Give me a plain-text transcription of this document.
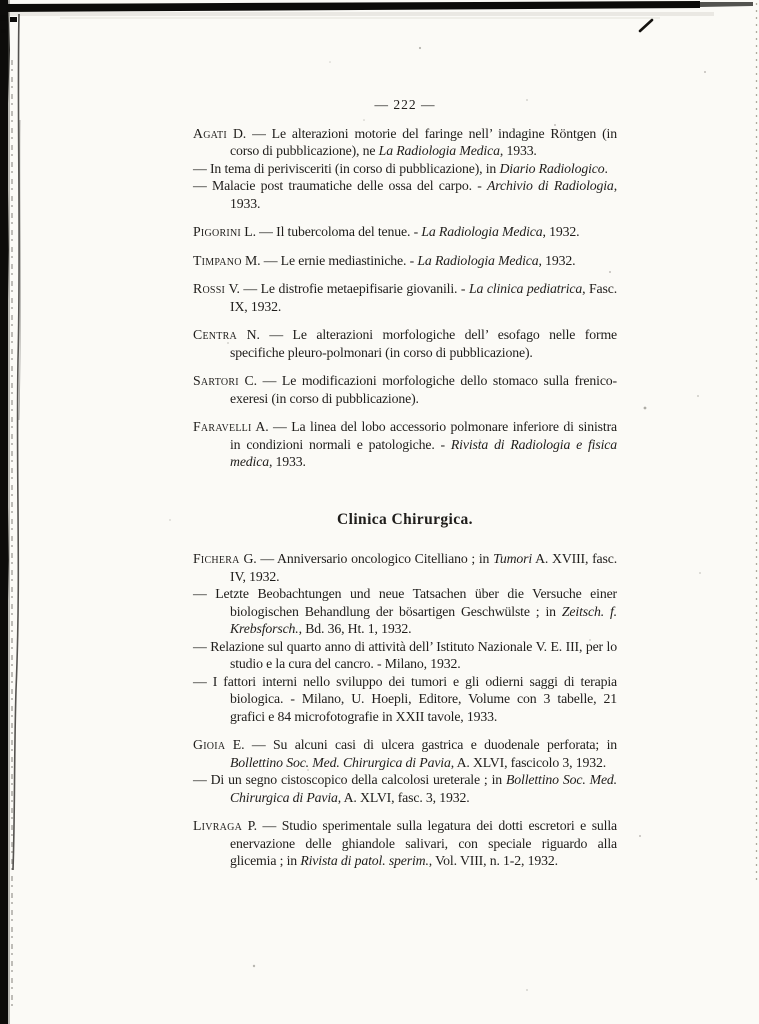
— 222 —

Agati D. — Le alterazioni motorie del faringe nell’ indagine Röntgen (in corso di pubblicazione), ne La Radiologia Medica, 1933.

— In tema di perivisceriti (in corso di pubblicazione), in Diario Radiologico.

— Malacie post traumatiche delle ossa del carpo. - Archivio di Radiologia, 1933.

Pigorini L. — Il tubercoloma del tenue. - La Radiologia Medica, 1932.

Timpano M. — Le ernie mediastiniche. - La Radiologia Medica, 1932.

Rossi V. — Le distrofie metaepifisarie giovanili. - La clinica pediatrica, Fasc. IX, 1932.

Centra N. — Le alterazioni morfologiche dell’ esofago nelle forme specifiche pleuro-polmonari (in corso di pubblicazione).

Sartori C. — Le modificazioni morfologiche dello stomaco sulla frenico-exeresi (in corso di pubblicazione).

Faravelli A. — La linea del lobo accessorio polmonare inferiore di sinistra in condizioni normali e patologiche. - Rivista di Radiologia e fisica medica, 1933.

Clinica Chirurgica.

Fichera G. — Anniversario oncologico Citelliano ; in Tumori A. XVIII, fasc. IV, 1932.

— Letzte Beobachtungen und neue Tatsachen über die Versuche einer biologischen Behandlung der bösartigen Geschwülste ; in Zeitsch. f. Krebsforsch., Bd. 36, Ht. 1, 1932.

— Relazione sul quarto anno di attività dell’ Istituto Nazionale V. E. III, per lo studio e la cura del cancro. - Milano, 1932.

— I fattori interni nello sviluppo dei tumori e gli odierni saggi di terapia biologica. - Milano, U. Hoepli, Editore, Volume con 3 tabelle, 21 grafici e 84 microfotografie in XXII tavole, 1933.

Gioia E. — Su alcuni casi di ulcera gastrica e duodenale perforata; in Bollettino Soc. Med. Chirurgica di Pavia, A. XLVI, fascicolo 3, 1932.

— Di un segno cistoscopico della calcolosi ureterale ; in Bollettino Soc. Med. Chirurgica di Pavia, A. XLVI, fasc. 3, 1932.

Livraga P. — Studio sperimentale sulla legatura dei dotti escretori e sulla enervazione delle ghiandole salivari, con speciale riguardo alla glicemia ; in Rivista di patol. sperim., Vol. VIII, n. 1-2, 1932.
